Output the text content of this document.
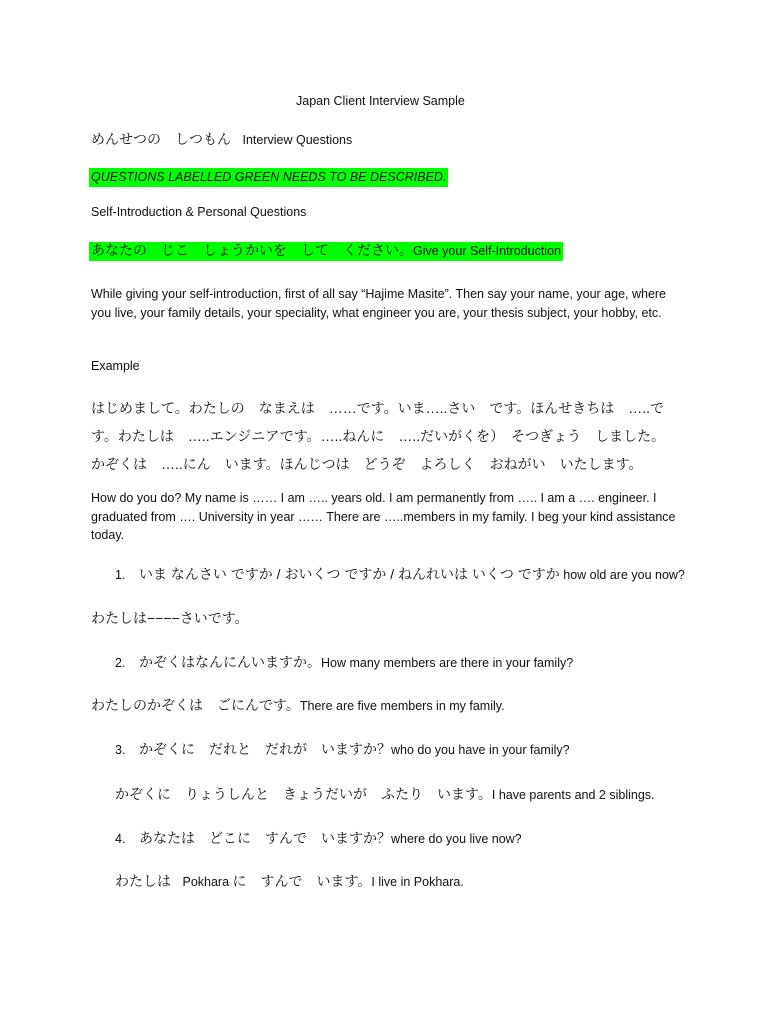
Japan Client Interview Sample

めんせつの　しつもん Interview Questions

QUESTIONS LABELLED GREEN NEEDS TO BE DESCRIBED.

Self-Introduction & Personal Questions

あなたの　じこ　しょうかいを　して　ください。Give your Self-Introduction

While giving your self-introduction, first of all say “Hajime Masite”. Then say your name, your age, where you live, your family details, your speciality, what engineer you are, your thesis subject, your hobby, etc.

Example

はじめまして。わたしの　なまえは　……です。いま…..さい　です。ほんせきちは　…..です。わたしは　…..エンジニアです。…..ねんに　…..だいがくを）　そつぎょう　しました。かぞくは　…..にん　います。ほんじつは　どうぞ　よろしく　おねがい　いたします。

How do you do? My name is …… I am ….. years old. I am permanently from ….. I am a …. engineer. I graduated from …. University in year …… There are …..members in my family. I beg your kind assistance today.

1. いま なんさい ですか / おいくつ ですか / ねんれいは いくつ ですか how old are you now?

わたしは−−−−さいです。

2. かぞくはなんにんいますか。How many members are there in your family?

わたしのかぞくは　ごにんです。There are five members in my family.

3. かぞくに　だれと　だれが　いますか？who do you have in your family?

かぞくに　りょうしんと　きょうだいが　ふたり　います。I have parents and 2 siblings.

4. あなたは　どこに　すんで　いますか？where do you live now?

わたしは Pokhara に　すんで　います。I live in Pokhara.
